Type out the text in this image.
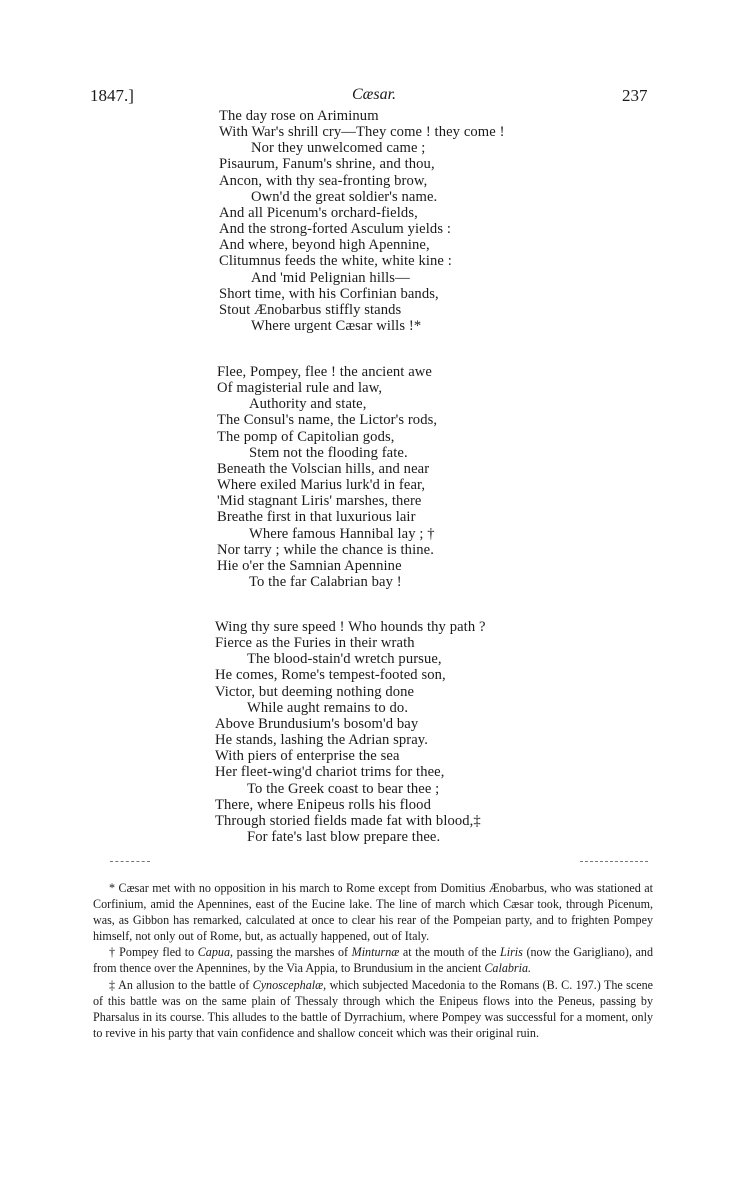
1847.]	Cæsar.	237
The day rose on Ariminum
With War's shrill cry—They come ! they come !
Nor they unwelcomed came ;
Pisaurum, Fanum's shrine, and thou,
Ancon, with thy sea-fronting brow,
Own'd the great soldier's name.
And all Picenum's orchard-fields,
And the strong-forted Asculum yields :
And where, beyond high Apennine,
Clitumnus feeds the white, white kine :
And 'mid Pelignian hills—
Short time, with his Corfinian bands,
Stout Ænobarbus stiffly stands
Where urgent Cæsar wills !*
Flee, Pompey, flee ! the ancient awe
Of magisterial rule and law,
Authority and state,
The Consul's name, the Lictor's rods,
The pomp of Capitolian gods,
Stem not the flooding fate.
Beneath the Volscian hills, and near
Where exiled Marius lurk'd in fear,
'Mid stagnant Liris' marshes, there
Breathe first in that luxurious lair
Where famous Hannibal lay ; †
Nor tarry ; while the chance is thine.
Hie o'er the Samnian Apennine
To the far Calabrian bay !
Wing thy sure speed ! Who hounds thy path ?
Fierce as the Furies in their wrath
The blood-stain'd wretch pursue,
He comes, Rome's tempest-footed son,
Victor, but deeming nothing done
While aught remains to do.
Above Brundusium's bosom'd bay
He stands, lashing the Adrian spray.
With piers of enterprise the sea
Her fleet-wing'd chariot trims for thee,
To the Greek coast to bear thee ;
There, where Enipeus rolls his flood
Through storied fields made fat with blood,‡
For fate's last blow prepare thee.

* Cæsar met with no opposition in his march to Rome except from Domitius Ænobarbus, who was stationed at Corfinium, amid the Apennines, east of the Eucine lake. The line of march which Cæsar took, through Picenum, was, as Gibbon has remarked, calculated at once to clear his rear of the Pompeian party, and to frighten Pompey himself, not only out of Rome, but, as actually happened, out of Italy.

† Pompey fled to Capua, passing the marshes of Minturnæ at the mouth of the Liris (now the Garigliano), and from thence over the Apennines, by the Via Appia, to Brundusium in the ancient Calabria.

‡ An allusion to the battle of Cynoscephalæ, which subjected Macedonia to the Romans (B. C. 197.) The scene of this battle was on the same plain of Thessaly through which the Enipeus flows into the Peneus, passing by Pharsalus in its course. This alludes to the battle of Dyrrachium, where Pompey was successful for a moment, only to revive in his party that vain confidence and shallow conceit which was their original ruin.
